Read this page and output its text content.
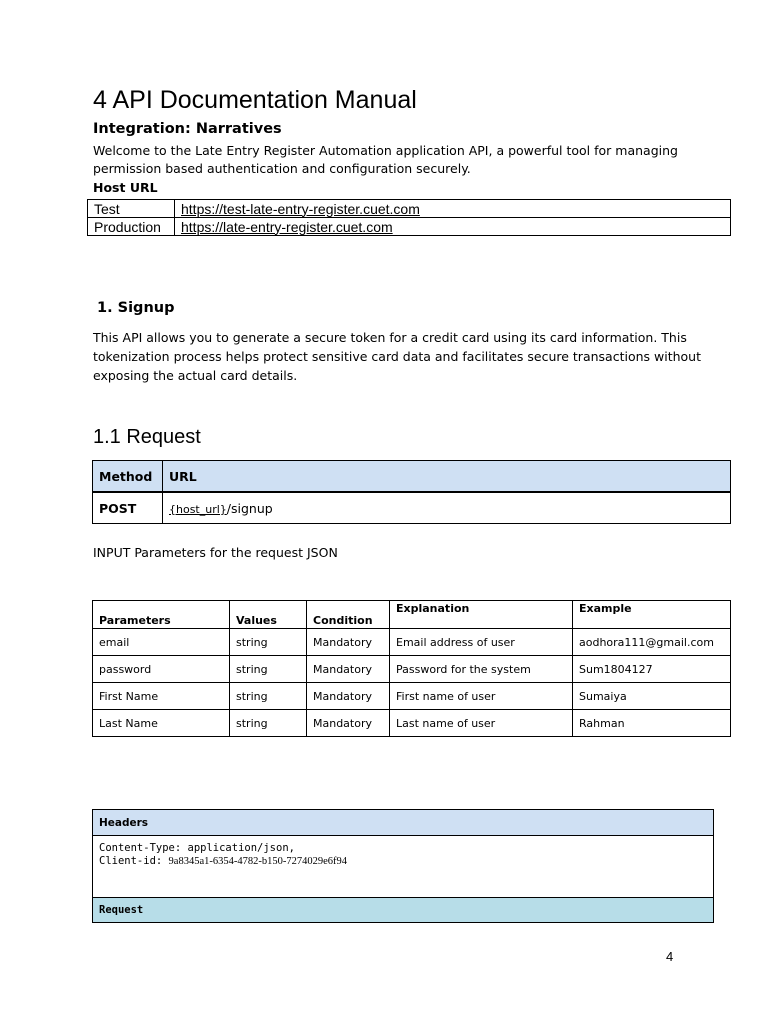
4 API Documentation Manual
Integration: Narratives
Welcome to the Late Entry Register Automation application API, a powerful tool for managing
permission based authentication and configuration securely.
Host URL
Test	https://test-late-entry-register.cuet.com
Production	https://late-entry-register.cuet.com
1. Signup
This API allows you to generate a secure token for a credit card using its card information. This
tokenization process helps protect sensitive card data and facilitates secure transactions without
exposing the actual card details.
1.1 Request
Method	URL
POST	{host_url}/signup
INPUT Parameters for the request JSON
Parameters	Values	Condition	Explanation	Example
email	string	Mandatory	Email address of user	aodhora111@gmail.com
password	string	Mandatory	Password for the system	Sum1804127
First Name	string	Mandatory	First name of user	Sumaiya
Last Name	string	Mandatory	Last name of user	Rahman
Headers

Content-Type: application/json,
Client-id: 9a8345a1-6354-4782-b150-7274029e6f94

Request
4
